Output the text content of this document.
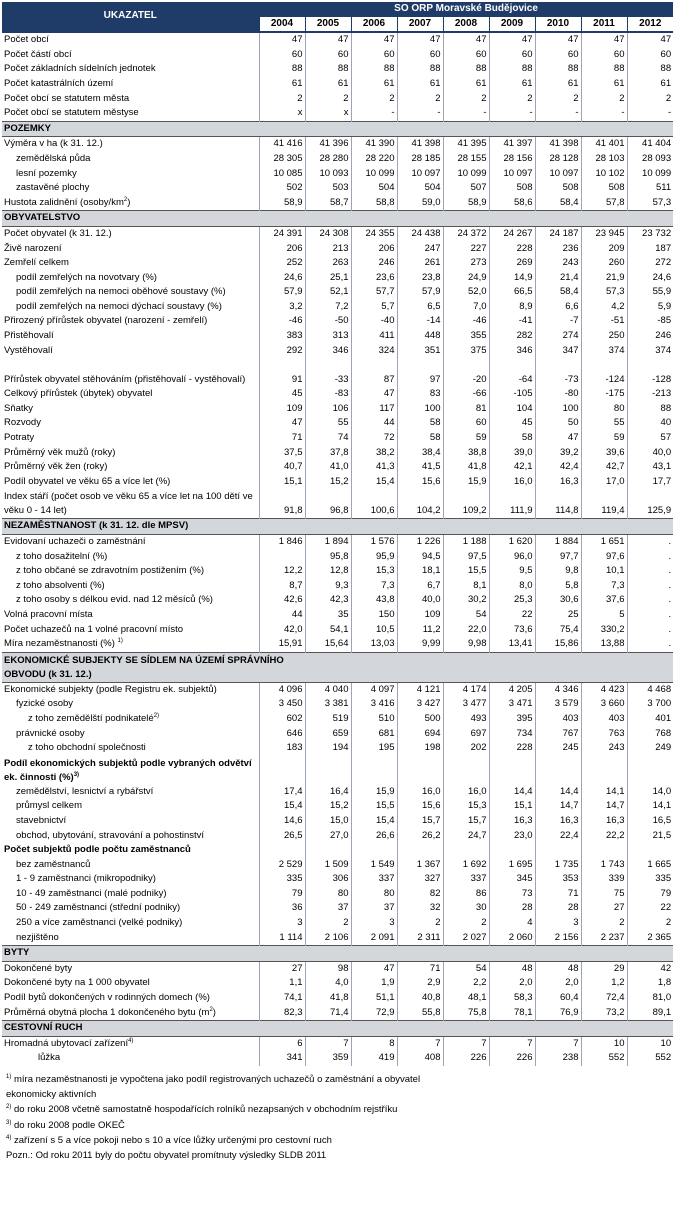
UKAZATEL	SO ORP Moravské Budějovice								
	2004	2005	2006	2007	2008	2009	2010	2011	2012
Počet obcí	47	47	47	47	47	47	47	47	47
Počet částí obcí	60	60	60	60	60	60	60	60	60
Počet základních sídelních jednotek	88	88	88	88	88	88	88	88	88
Počet katastrálních území	61	61	61	61	61	61	61	61	61
Počet obcí se statutem města	2	2	2	2	2	2	2	2	2
Počet obcí se statutem městyse	x	x	-	-	-	-	-	-	-
POZEMKY									
Výměra v ha (k 31. 12.)	41 416	41 396	41 390	41 398	41 395	41 397	41 398	41 401	41 404
zemědělská půda	28 305	28 280	28 220	28 185	28 155	28 156	28 128	28 103	28 093
lesní pozemky	10 085	10 093	10 099	10 097	10 099	10 097	10 097	10 102	10 099
zastavěné plochy	502	503	504	504	507	508	508	508	511
Hustota zalidnění $(osoby/km^2)$	58,9	58,7	58,8	59,0	58,9	58,6	58,4	57,8	57,3
OBYVATELSTVO									
Počet obyvatel (k 31. 12.)	24 391	24 308	24 355	24 438	24 372	24 267	24 187	23 945	23 732
Živě narození	206	213	206	247	227	228	236	209	187
Zemřelí celkem	252	263	246	261	273	269	243	260	272
podíl zemřelých na novotvary (%)	24,6	25,1	23,6	23,8	24,9	14,9	21,4	21,9	24,6
podíl zemřelých na nemoci oběhové soustavy (%)	57,9	52,1	57,7	57,9	52,0	66,5	58,4	57,3	55,9
podíl zemřelých na nemoci dýchací soustavy (%)	3,2	7,2	5,7	6,5	7,0	8,9	6,6	4,2	5,9
Přirozený přírůstek obyvatel (narození - zemřelí)	-46	-50	-40	-14	-46	-41	-7	-51	-85
Přistěhovalí	383	313	411	448	355	282	274	250	246
Vystěhovalí	292	346	324	351	375	346	347	374	374
Přírůstek obyvatel stěhováním (přistěhovalí - vystěhovalí)	91	-33	87	97	-20	-64	-73	-124	-128
Celkový přírůstek (úbytek) obyvatel	45	-83	47	83	-66	-105	-80	-175	-213
Sňatky	109	106	117	100	81	104	100	80	88
Rozvody	47	55	44	58	60	45	50	55	40
Potraty	71	74	72	58	59	58	47	59	57
Průměrný věk mužů (roky)	37,5	37,8	38,2	38,4	38,8	39,0	39,2	39,6	40,0
Průměrný věk žen (roky)	40,7	41,0	41,3	41,5	41,8	42,1	42,4	42,7	43,1
Podíl obyvatel ve věku 65 a více let (%)	15,1	15,2	15,4	15,6	15,9	16,0	16,3	17,0	17,7
Index stáří (počet osob ve věku 65 a více let na 100 dětí ve věku 0 - 14 let)	91,8	96,8	100,6	104,2	109,2	111,9	114,8	119,4	125,9
NEZAMĚSTNANOST (k 31. 12. dle MPSV)									
Evidovaní uchazeči o zaměstnání	1 846	1 894	1 576	1 226	1 188	1 620	1 884	1 651	.
z toho dosažitelní (%)		95,8	95,9	94,5	97,5	96,0	97,7	97,6	.
z toho občané se zdravotním postižením (%)	12,2	12,8	15,3	18,1	15,5	9,5	9,8	10,1	.
z toho absolventi (%)	8,7	9,3	7,3	6,7	8,1	8,0	5,8	7,3	.
z toho osoby s délkou evid. nad 12 měsíců (%)	42,6	42,3	43,8	40,0	30,2	25,3	30,6	37,6	.
Volná pracovní místa	44	35	150	109	54	22	25	5	.
Počet uchazečů na 1 volné pracovní místo	42,0	54,1	10,5	11,2	22,0	73,6	75,4	330,2	.
Míra nezaměstnanosti (%) $^{1)}$	15,91	15,64	13,03	9,99	9,98	13,41	15,86	13,88	.
EKONOMICKÉ SUBJEKTY SE SÍDLEM NA ÚZEMÍ SPRÁVNÍHO OBVODU (k 31. 12.)									
Ekonomické subjekty (podle Registru ek. subjektů)	4 096	4 040	4 097	4 121	4 174	4 205	4 346	4 423	4 468
fyzické osoby	3 450	3 381	3 416	3 427	3 477	3 471	3 579	3 660	3 700
z toho zemědělští podnikatelé$^{2)}$	602	519	510	500	493	395	403	403	401
právnické osoby	646	659	681	694	697	734	767	763	768
z toho obchodní společnosti	183	194	195	198	202	228	245	243	249
Podíl ekonomických subjektů podle vybraných odvětví ek. činnosti (%)$^{3)}$									
zemědělství, lesnictví a rybářství	17,4	16,4	15,9	16,0	16,0	14,4	14,4	14,1	14,0
průmysl celkem	15,4	15,2	15,5	15,6	15,3	15,1	14,7	14,7	14,1
stavebnictví	14,6	15,0	15,4	15,7	15,7	16,3	16,3	16,3	16,5
obchod, ubytování, stravování a pohostinství	26,5	27,0	26,6	26,2	24,7	23,0	22,4	22,2	21,5
Počet subjektů podle počtu zaměstnanců									
bez zaměstnanců	2 529	1 509	1 549	1 367	1 692	1 695	1 735	1 743	1 665
1 - 9 zaměstnanci (mikropodniky)	335	306	337	327	337	345	353	339	335
10 - 49 zaměstnanci (malé podniky)	79	80	80	82	86	73	71	75	79
50 - 249 zaměstnanci (střední podniky)	36	37	37	32	30	28	28	27	22
250 a více zaměstnanci (velké podniky)	3	2	3	2	2	4	3	2	2
nezjištěno	1 114	2 106	2 091	2 311	2 027	2 060	2 156	2 237	2 365
BYTY									
Dokončené byty	27	98	47	71	54	48	48	29	42
Dokončené byty na 1 000 obyvatel	1,1	4,0	1,9	2,9	2,2	2,0	2,0	1,2	1,8
Podíl bytů dokončených v rodinných domech (%)	74,1	41,8	51,1	40,8	48,1	58,3	60,4	72,4	81,0
Průměrná obytná plocha 1 dokončeného bytu $(m^2)$	82,3	71,4	72,9	55,8	75,8	78,1	76,9	73,2	89,1
CESTOVNÍ RUCH									
Hromadná ubytovací zařízení$^{4)}$	6	7	8	7	7	7	7	10	10
lůžka	341	359	419	408	226	226	238	552	552
$^{1)}$ míra nezaměstnanosti je vypočtena jako podíl registrovaných uchazečů o zaměstnání a obyvatel
ekonomicky aktivních
$^{2)}$ do roku 2008 včetně samostatně hospodařících rolníků nezapsaných v obchodním rejstříku
$^{3)}$ do roku 2008 podle OKEČ
$^{4)}$ zařízení s 5 a více pokoji nebo s 10 a více lůžky určenými pro cestovní ruch
Pozn.: Od roku 2011 byly do počtu obyvatel promítnuty výsledky SLDB 2011
